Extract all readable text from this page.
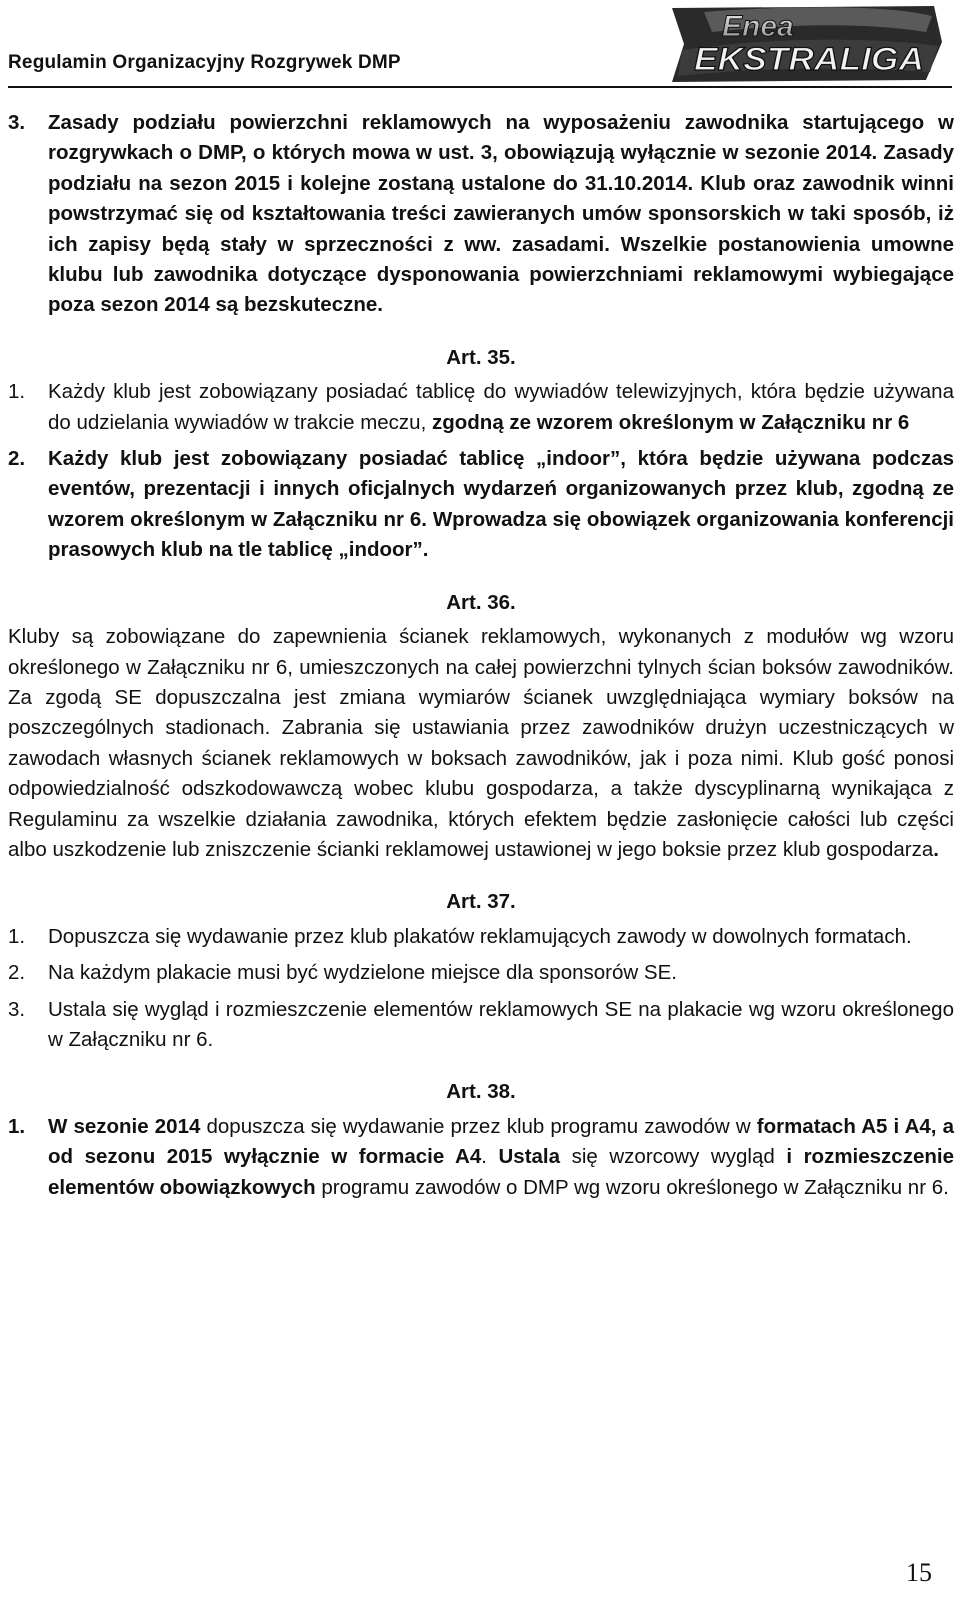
Regulamin Organizacyjny Rozgrywek DMP
Enea
EKSTRALIGA
3.	Zasady podziału powierzchni reklamowych na wyposażeniu zawodnika startującego w rozgrywkach o DMP, o których mowa w ust. 3, obowiązują wyłącznie w sezonie 2014. Zasady podziału na sezon 2015 i kolejne zostaną ustalone do 31.10.2014. Klub oraz zawodnik winni powstrzymać się od kształtowania treści zawieranych umów sponsorskich w taki sposób, iż ich zapisy będą stały w sprzeczności z ww. zasadami. Wszelkie postanowienia umowne klubu lub zawodnika dotyczące dysponowania powierzchniami reklamowymi wybiegające poza sezon 2014 są bezskuteczne.
Art. 35.
1.	Każdy klub jest zobowiązany posiadać tablicę do wywiadów telewizyjnych, która będzie używana do udzielania wywiadów w trakcie meczu, zgodną ze wzorem określonym w Załączniku nr 6
2.	Każdy klub jest zobowiązany posiadać tablicę „indoor”, która będzie używana podczas eventów, prezentacji i innych oficjalnych wydarzeń organizowanych przez klub, zgodną ze wzorem określonym w Załączniku nr 6. Wprowadza się obowiązek organizowania konferencji prasowych klub na tle tablicę „indoor”.
Art. 36.

Kluby są zobowiązane do zapewnienia ścianek reklamowych, wykonanych z modułów wg wzoru określonego w Załączniku nr 6, umieszczonych na całej powierzchni tylnych ścian boksów zawodników. Za zgodą SE dopuszczalna jest zmiana wymiarów ścianek uwzględniająca wymiary boksów na poszczególnych stadionach. Zabrania się ustawiania przez zawodników drużyn uczestniczących w zawodach własnych ścianek reklamowych w boksach zawodników, jak i poza nimi. Klub gość ponosi odpowiedzialność odszkodowawczą wobec klubu gospodarza, a także dyscyplinarną wynikająca z Regulaminu za wszelkie działania zawodnika, których efektem będzie zasłonięcie całości lub części albo uszkodzenie lub zniszczenie ścianki reklamowej ustawionej w jego boksie przez klub gospodarza.

Art. 37.
1.	Dopuszcza się wydawanie przez klub plakatów reklamujących zawody w dowolnych formatach.
2.	Na każdym plakacie musi być wydzielone miejsce dla sponsorów SE.
3.	Ustala się wygląd i rozmieszczenie elementów reklamowych SE na plakacie wg wzoru określonego w Załączniku nr 6.
Art. 38.
1.	W sezonie 2014 dopuszcza się wydawanie przez klub programu zawodów w formatach A5 i A4, a od sezonu 2015 wyłącznie w formacie A4. Ustala się wzorcowy wygląd i rozmieszczenie elementów obowiązkowych programu zawodów o DMP wg wzoru określonego w Załączniku nr 6.
15
